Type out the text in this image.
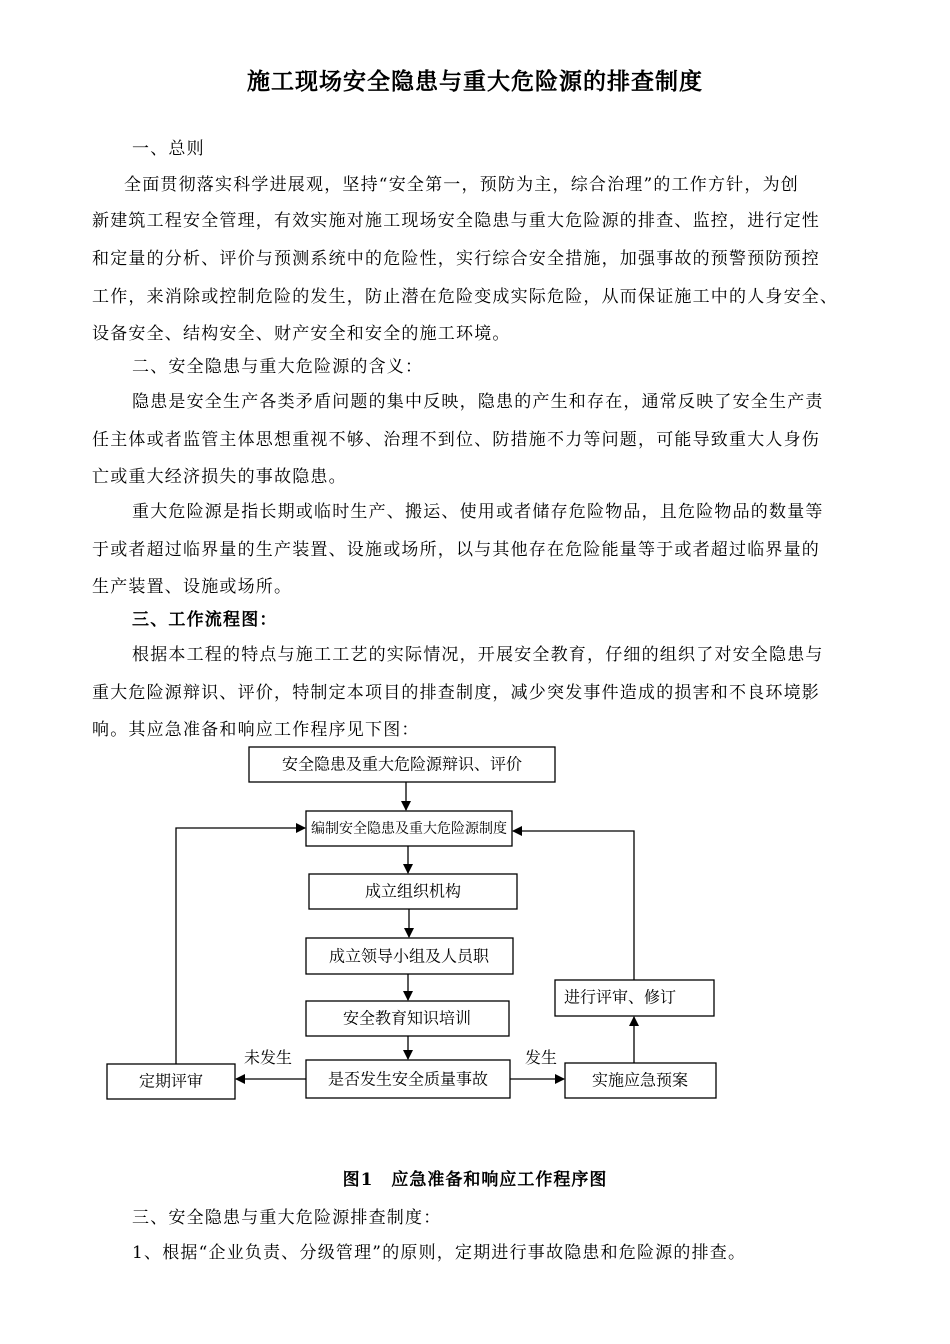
施工现场安全隐患与重大危险源的排查制度
一、总则
全面贯彻落实科学进展观，坚持“安全第一，预防为主，综合治理”的工作方针，为创
新建筑工程安全管理，有效实施对施工现场安全隐患与重大危险源的排查、监控，进行定性
和定量的分析、评价与预测系统中的危险性，实行综合安全措施，加强事故的预警预防预控
工作，来消除或控制危险的发生，防止潜在危险变成实际危险，从而保证施工中的人身安全、
设备安全、结构安全、财产安全和安全的施工环境。
二、安全隐患与重大危险源的含义：
隐患是安全生产各类矛盾问题的集中反映，隐患的产生和存在，通常反映了安全生产责
任主体或者监管主体思想重视不够、治理不到位、防措施不力等问题，可能导致重大人身伤
亡或重大经济损失的事故隐患。
重大危险源是指长期或临时生产、搬运、使用或者储存危险物品，且危险物品的数量等
于或者超过临界量的生产装置、设施或场所，以与其他存在危险能量等于或者超过临界量的
生产装置、设施或场所。
三、工作流程图：
根据本工程的特点与施工工艺的实际情况，开展安全教育，仔细的组织了对安全隐患与
重大危险源辩识、评价，特制定本项目的排查制度，减少突发事件造成的损害和不良环境影
响。其应急准备和响应工作程序见下图：
安全隐患及重大危险源辩识、评价
编制安全隐患及重大危险源制度
成立组织机构
成立领导小组及人员职
安全教育知识培训
是否发生安全质量事故
定期评审	实施应急预案
进行评审、修订
未发生	发生
图1　应急准备和响应工作程序图
三、安全隐患与重大危险源排查制度：
1、根据“企业负责、分级管理”的原则，定期进行事故隐患和危险源的排查。
